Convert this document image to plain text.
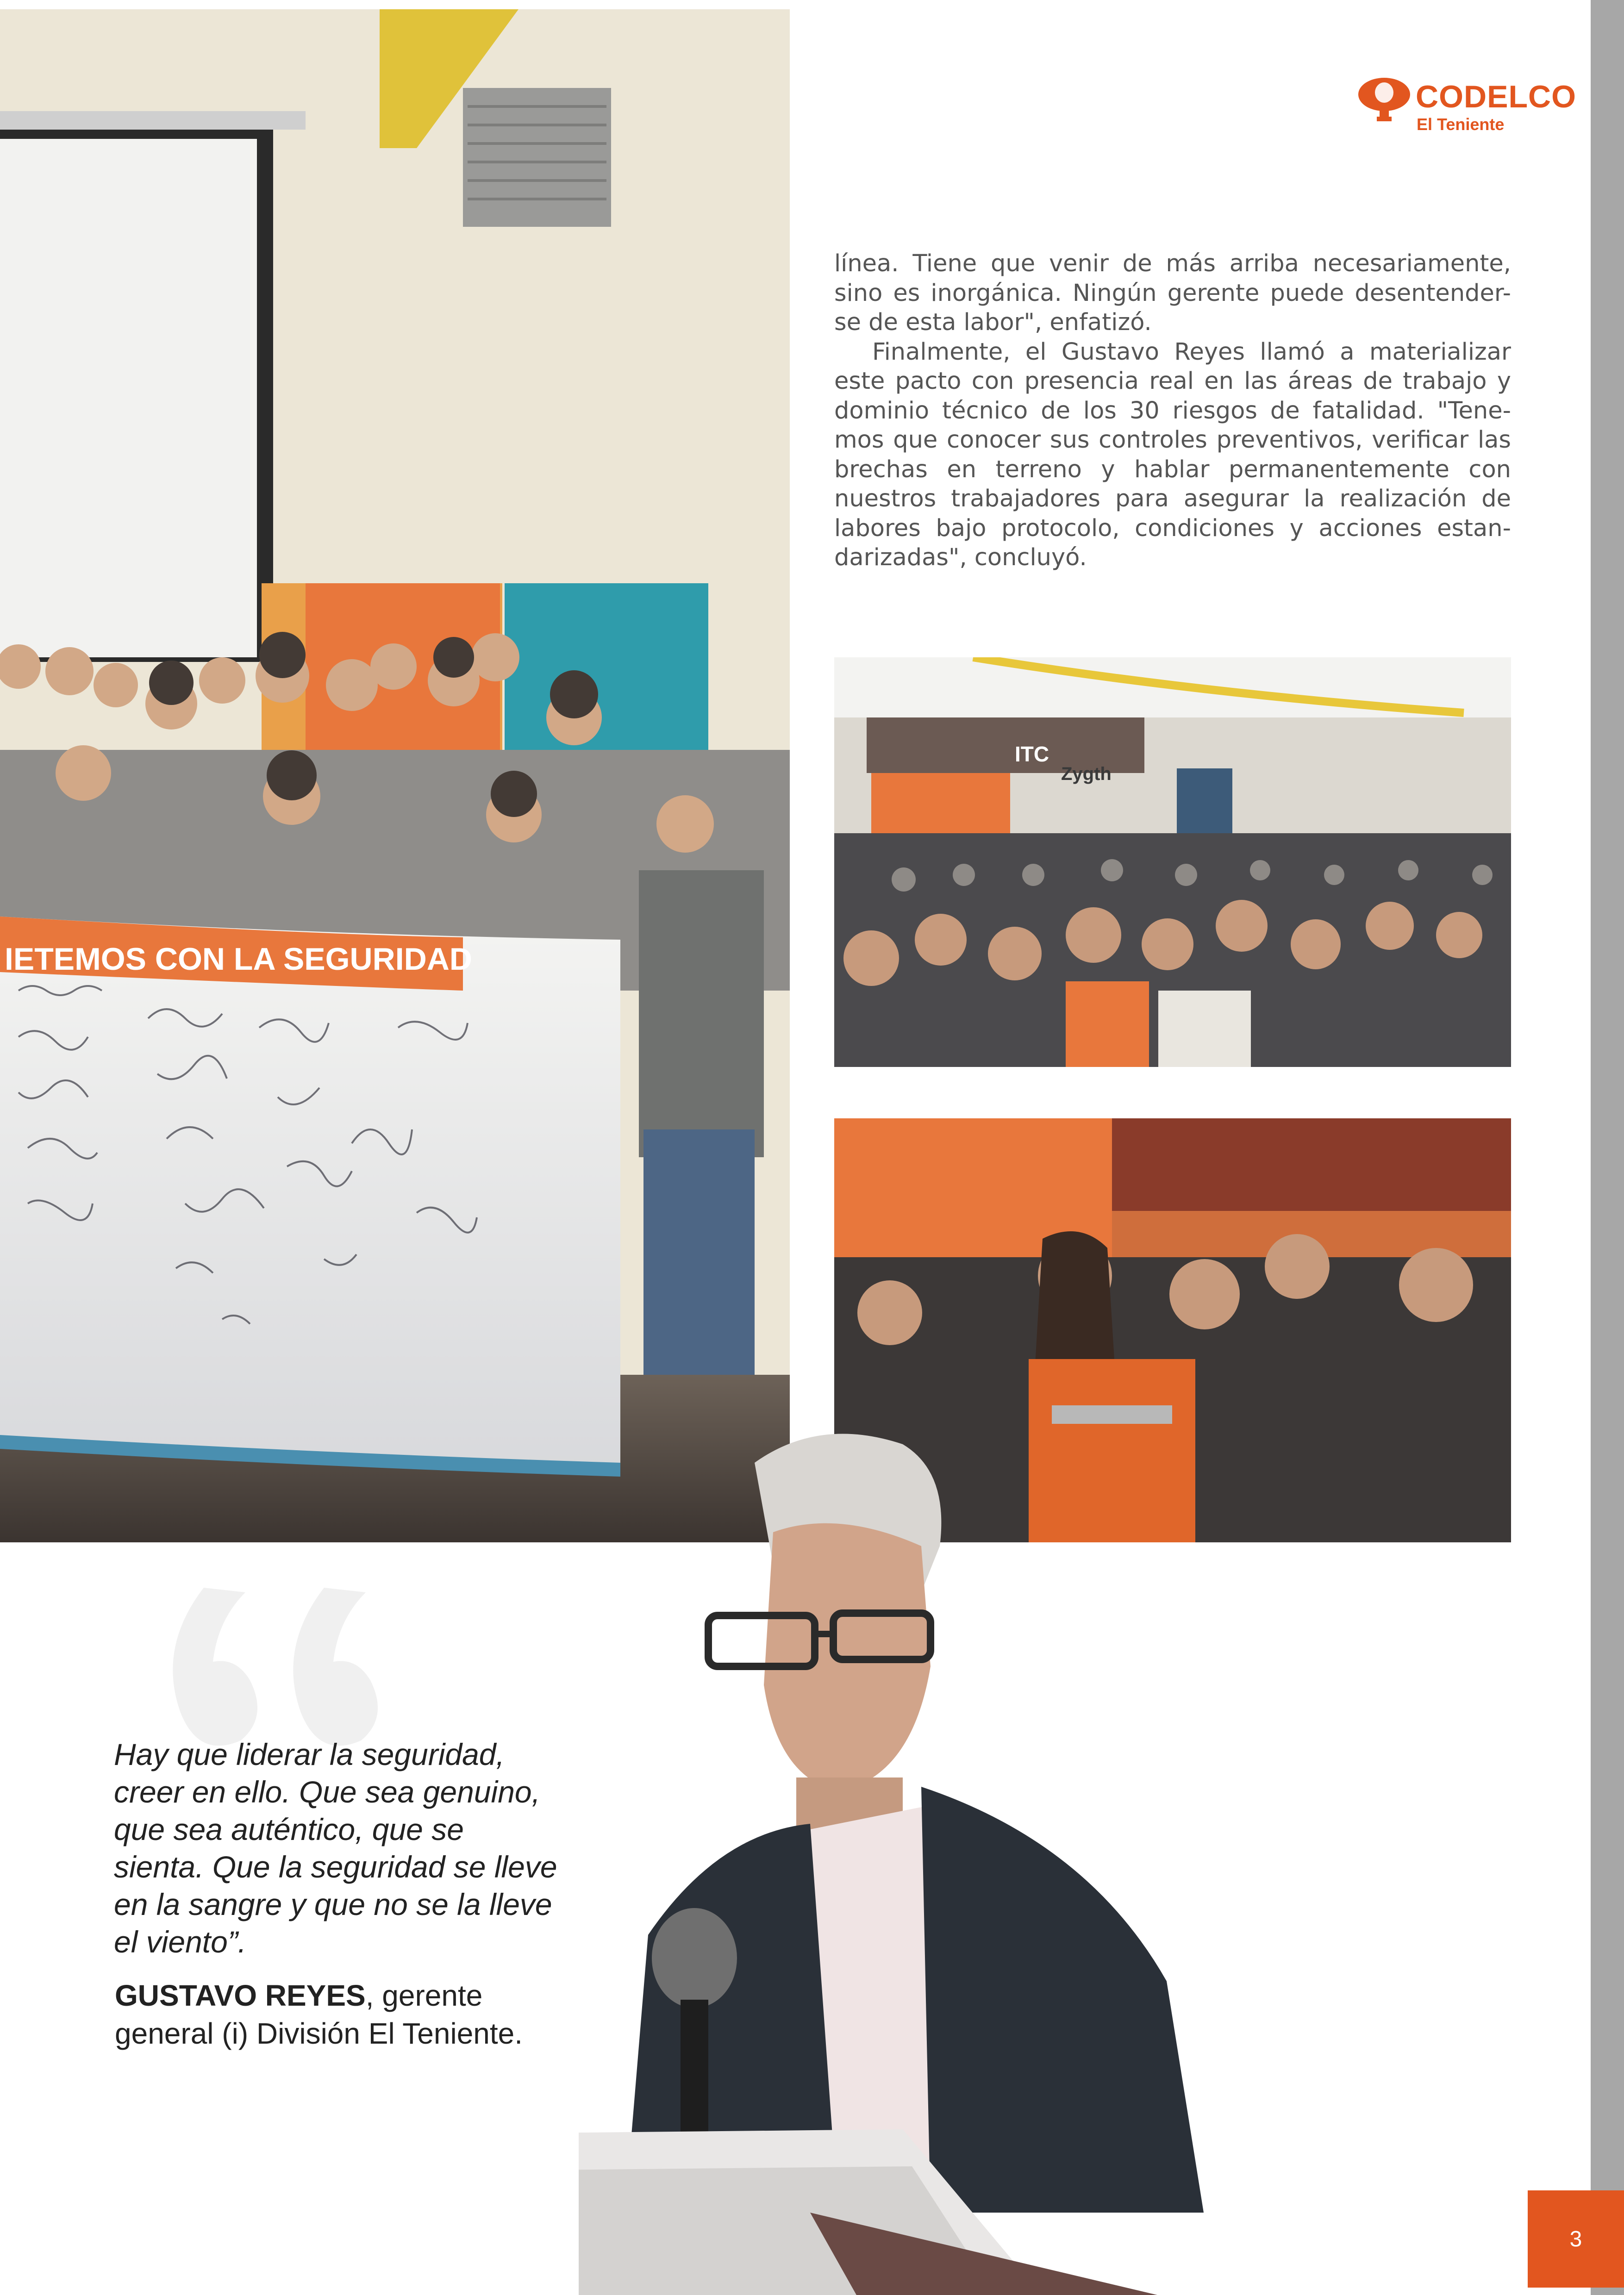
3
CODELCO
El Teniente

línea. Tiene que venir de más arriba necesariamente, sino es inorgánica. Ningún gerente puede desentender-se de esta labor", enfatizó.

Finalmente, el Gustavo Reyes llamó a materializar este pacto con presencia real en las áreas de trabajo y dominio técnico de los 30 riesgos de fatalidad. "Tene-mos que conocer sus controles preventivos, verificar las brechas en terreno y hablar permanentemente con nuestros trabajadores para asegurar la realización de labores bajo protocolo, condiciones y acciones estan-darizadas", concluyó.

IETEMOS CON LA SEGURIDAD
ITC
Zygth
Hay que liderar la seguridad, creer en ello. Que sea genuino, que sea auténtico, que se sienta. Que la seguridad se lleve en la sangre y que no se la lleve el viento”.
GUSTAVO REYES, gerente general (i) División El Teniente.
